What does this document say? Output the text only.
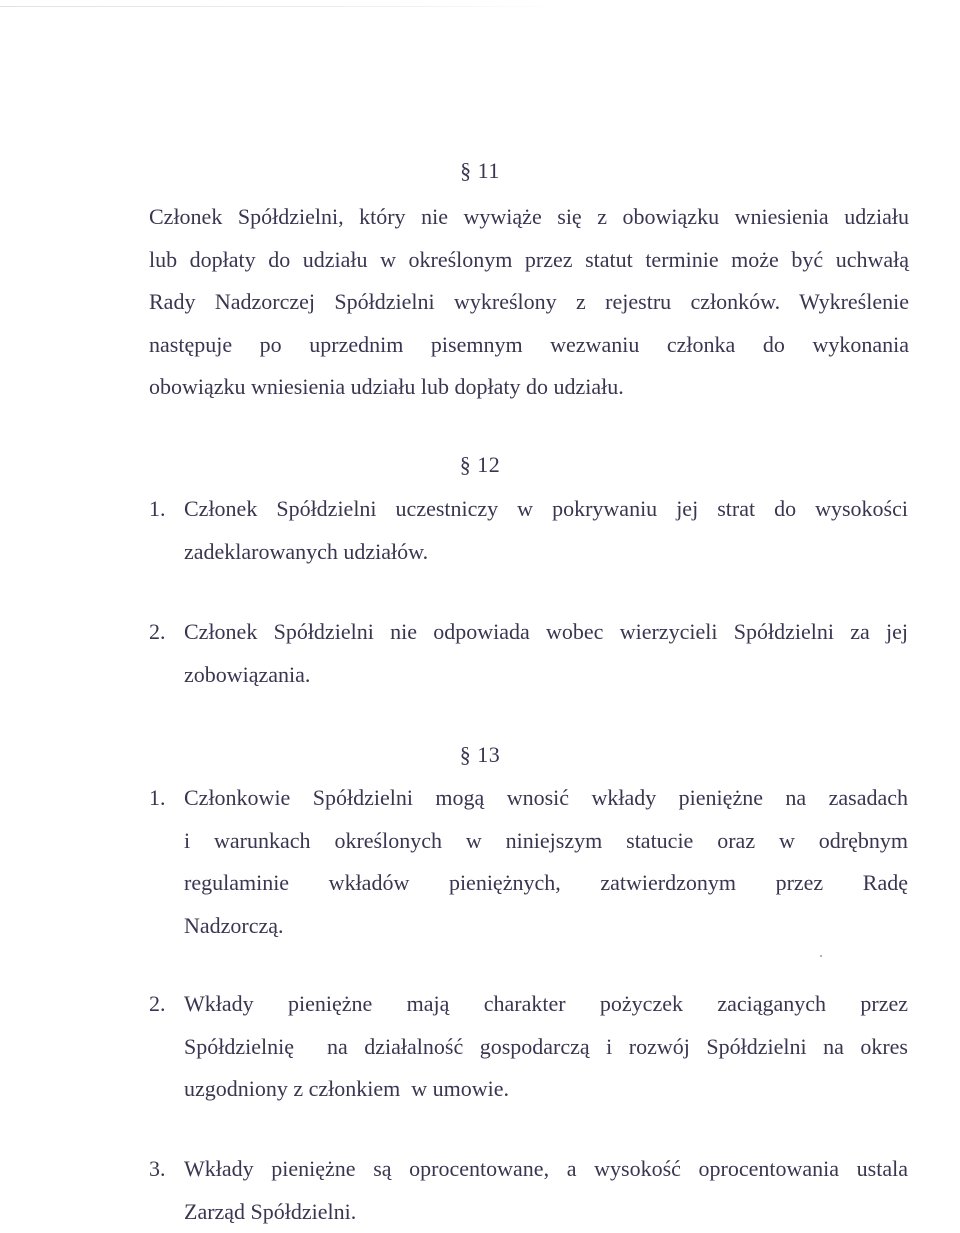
§ 11
Członek Spółdzielni, który nie wywiąże się z obowiązku wniesienia udziału
lub dopłaty do udziału w określonym przez statut terminie może być uchwałą
Rady Nadzorczej Spółdzielni wykreślony z rejestru członków. Wykreślenie
następuje po uprzednim pisemnym wezwaniu członka do wykonania
obowiązku wniesienia udziału lub dopłaty do udziału.
§ 12
1. Członek Spółdzielni uczestniczy w pokrywaniu jej strat do wysokości
zadeklarowanych udziałów.
2. Członek Spółdzielni nie odpowiada wobec wierzycieli Spółdzielni za jej
zobowiązania.
§ 13
1. Członkowie Spółdzielni mogą wnosić wkłady pieniężne na zasadach
i warunkach określonych w niniejszym statucie oraz w odrębnym
regulaminie wkładów pieniężnych, zatwierdzonym przez Radę
Nadzorczą.
2. Wkłady pieniężne mają charakter pożyczek zaciąganych przez
Spółdzielnię  na działalność gospodarczą i rozwój Spółdzielni na okres
uzgodniony z członkiem  w umowie.
3. Wkłady pieniężne są oprocentowane, a wysokość oprocentowania ustala
Zarząd Spółdzielni.
